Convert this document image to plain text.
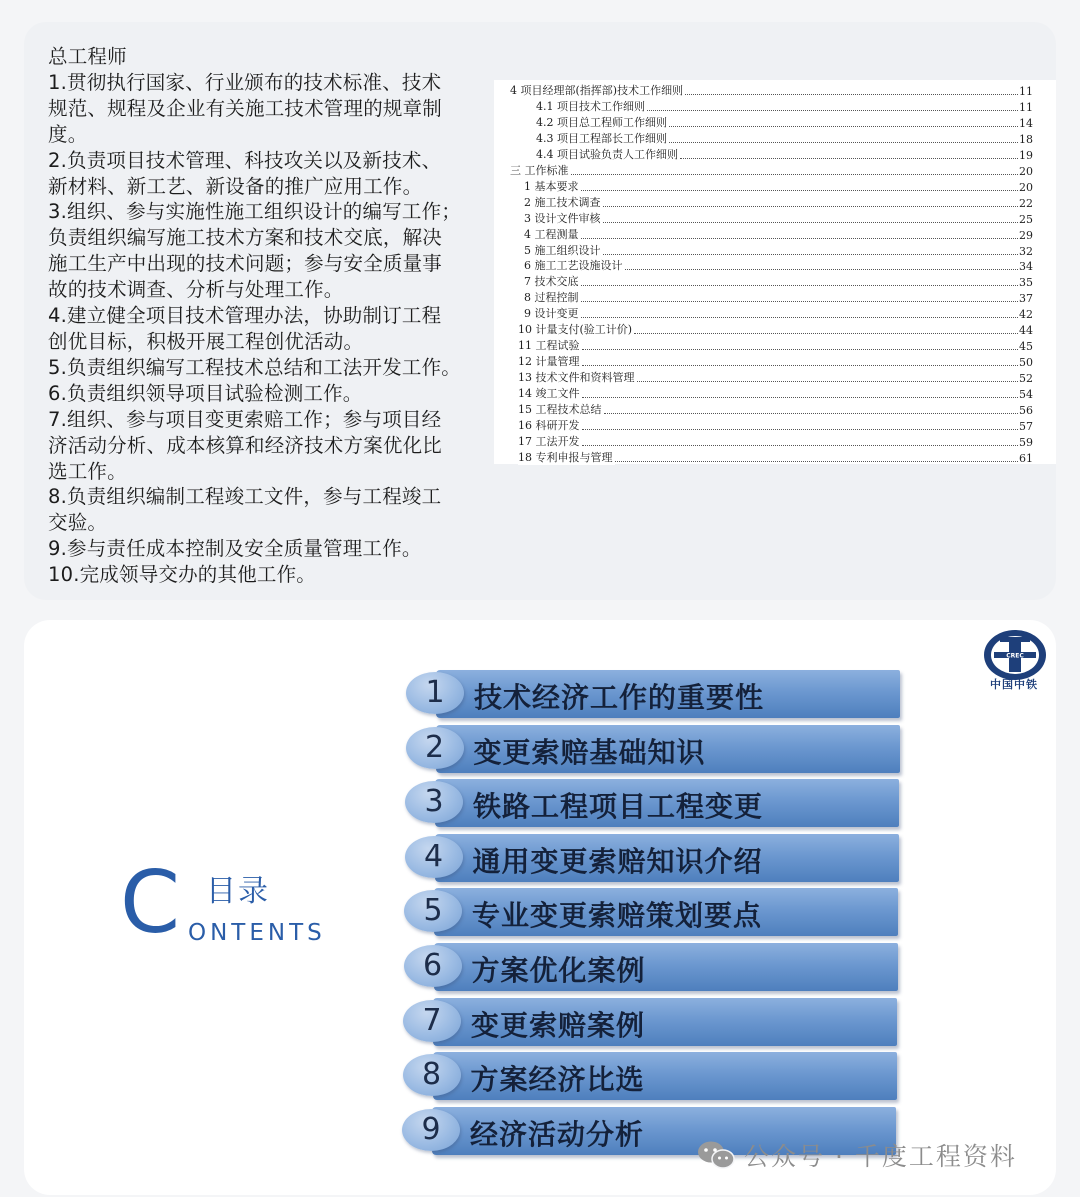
总工程师
1.贯彻执行国家、行业颁布的技术标准、技术
规范、规程及企业有关施工技术管理的规章制
度。
2.负责项目技术管理、科技攻关以及新技术、
新材料、新工艺、新设备的推广应用工作。
3.组织、参与实施性施工组织设计的编写工作；
负责组织编写施工技术方案和技术交底，解决
施工生产中出现的技术问题；参与安全质量事
故的技术调查、分析与处理工作。
4.建立健全项目技术管理办法，协助制订工程
创优目标，积极开展工程创优活动。
5.负责组织编写工程技术总结和工法开发工作。
6.负责组织领导项目试验检测工作。
7.组织、参与项目变更索赔工作；参与项目经
济活动分析、成本核算和经济技术方案优化比
选工作。
8.负责组织编制工程竣工文件，参与工程竣工
交验。
9.参与责任成本控制及安全质量管理工作。
10.完成领导交办的其他工作。
4 项目经理部(指挥部)技术工作细则	11
4.1 项目技术工作细则	11
4.2 项目总工程师工作细则	14
4.3 项目工程部长工作细则	18
4.4 项目试验负责人工作细则	19
三 工作标准	20
1 基本要求	20
2 施工技术调查	22
3 设计文件审核	25
4 工程测量	29
5 施工组织设计	32
6 施工工艺设施设计	34
7 技术交底	35
8 过程控制	37
9 设计变更	42
10 计量支付(验工计价)	44
11 工程试验	45
12 计量管理	50
13 技术文件和资料管理	52
14 竣工文件	54
15 工程技术总结	56
16 科研开发	57
17 工法开发	59
18 专利申报与管理	61
CREC
中国中铁
C 目录
ONTENTS
1	技术经济工作的重要性
2	变更索赔基础知识
3	铁路工程项目工程变更
4	通用变更索赔知识介绍
5	专业变更索赔策划要点
6	方案优化案例
7	变更索赔案例
8	方案经济比选
9	经济活动分析
公众号 · 千度工程资料
